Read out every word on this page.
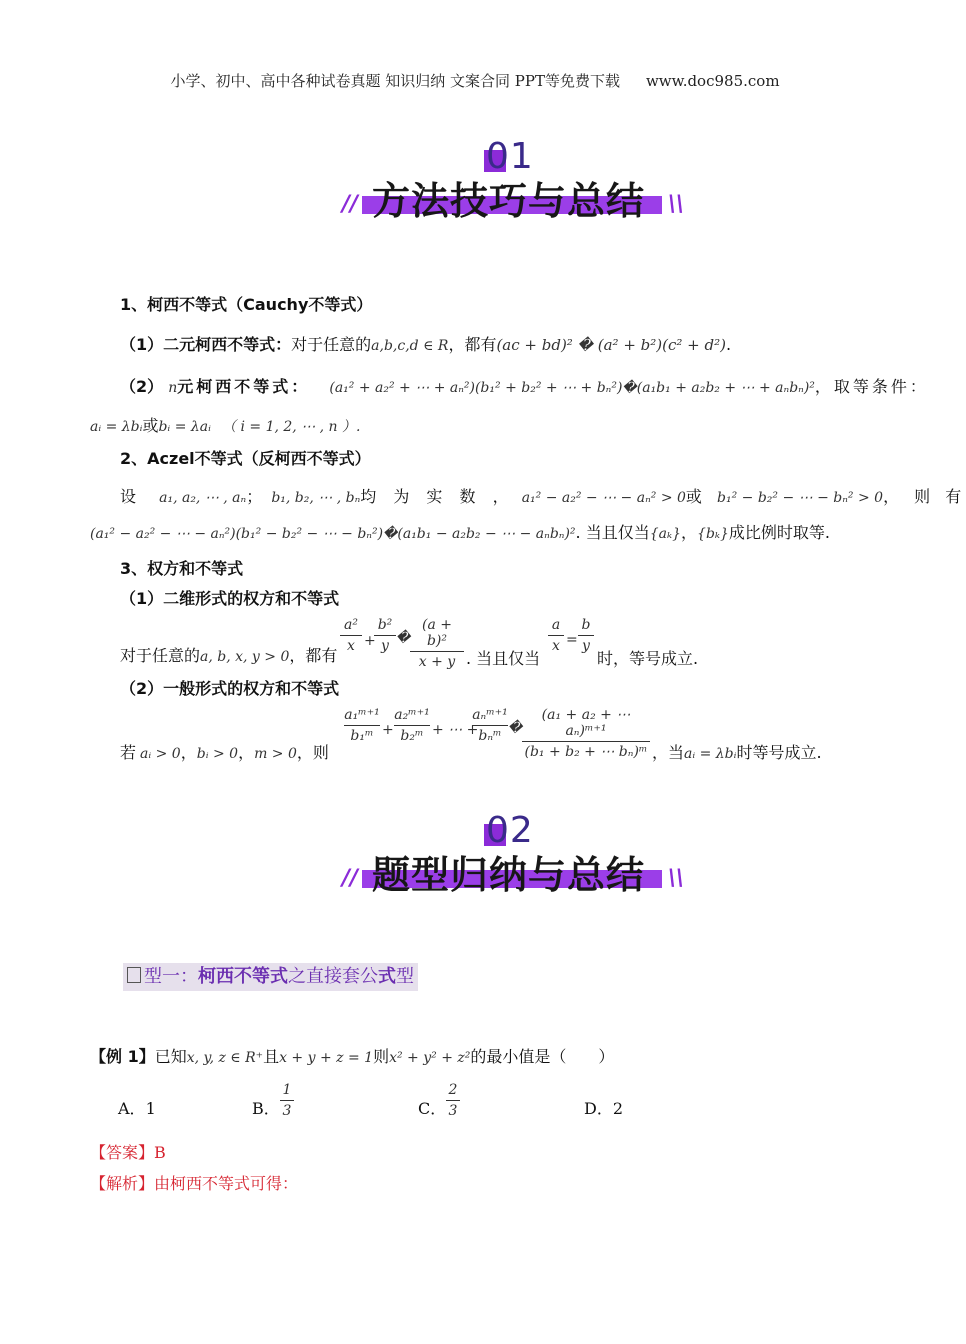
小学、初中、高中各种试卷真题 知识归纳 文案合同 PPT等免费下载 www.doc985.com
01
方法技巧与总结
//	\\
1、柯西不等式（Cauchy不等式）
（1）二元柯西不等式：对于任意的a,b,c,d ∈ R，都有(ac + bd)² � (a² + b²)(c² + d²).
（2） n元柯西不等式： (a₁² + a₂² + ⋯ + aₙ²)(b₁² + b₂² + ⋯ + bₙ²)�(a₁b₁ + a₂b₂ + ⋯ + aₙbₙ)²，取等条件：
aᵢ = λbᵢ或bᵢ = λaᵢ （ i = 1, 2, ⋯ , n ）.
2、Aczel不等式（反柯西不等式）
设 a₁, a₂, ⋯ , aₙ； b₁, b₂, ⋯ , bₙ均 为 实 数 ， a₁² − a₂² − ⋯ − aₙ² > 0或 b₁² − b₂² − ⋯ − bₙ² > 0， 则 有
(a₁² − a₂² − ⋯ − aₙ²)(b₁² − b₂² − ⋯ − bₙ²)�(a₁b₁ − a₂b₂ − ⋯ − aₙbₙ)². 当且仅当{aₖ}，{bₖ}成比例时取等.
3、权方和不等式
（1）二维形式的权方和不等式
a²
x +
b²
y �
(a + b)²
x + y
对于任意的a, b, x, y > 0，都有	. 当且仅当
a
x =
b
y
时，等号成立.
（2）一般形式的权方和不等式
a₁ᵐ⁺¹
b₁ᵐ +
a₂ᵐ⁺¹
b₂ᵐ + ⋯ +
aₙᵐ⁺¹
bₙᵐ �
(a₁ + a₂ + ⋯ aₙ)ᵐ⁺¹
(b₁ + b₂ + ⋯ bₙ)ᵐ
若 aᵢ > 0，bᵢ > 0，m > 0，则	，当aᵢ = λbᵢ时等号成立.
02
题型归纳与总结
//	\\
型一：柯西不等式之直接套公式型
【例 1】已知x, y, z ∈ R⁺且x + y + z = 1则x² + y² + z²的最小值是（　　）
A．1	B．
1
3	C．
2
3	D．2
【答案】B
【解析】由柯西不等式可得：
